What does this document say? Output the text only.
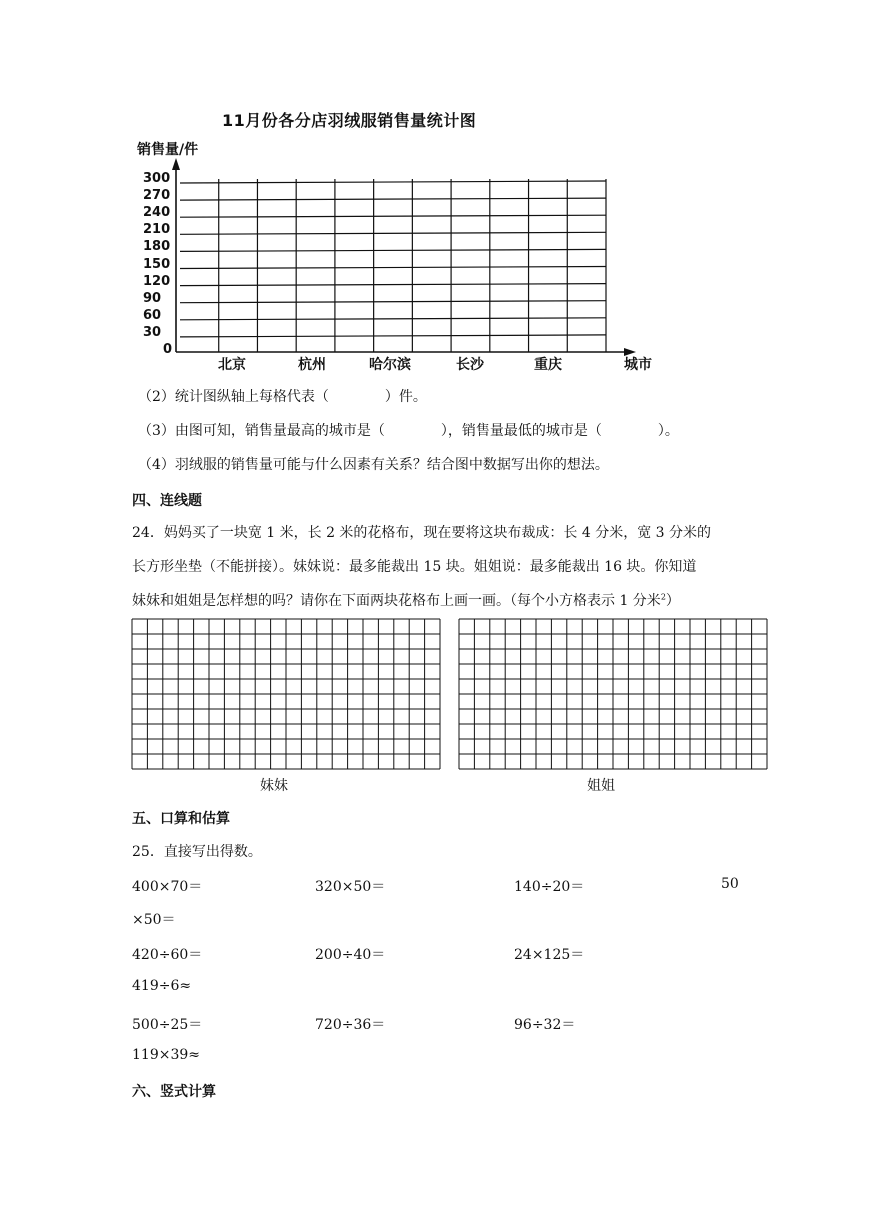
11月份各分店羽绒服销售量统计图
销售量/件
0
30
60
90
120
150
180
210
240
270
300
北京	杭州	哈尔滨	长沙	重庆	城市
（2）统计图纵轴上每格代表（　　　　）件。
（3）由图可知，销售量最高的城市是（　　　　），销售量最低的城市是（　　　　）。
（4）羽绒服的销售量可能与什么因素有关系？结合图中数据写出你的想法。
四、连线题
24．妈妈买了一块宽 1 米，长 2 米的花格布，现在要将这块布裁成：长 4 分米，宽 3 分米的
长方形坐垫（不能拼接）。妹妹说：最多能裁出 15 块。姐姐说：最多能裁出 16 块。你知道
妹妹和姐姐是怎样想的吗？请你在下面两块花格布上画一画。（每个小方格表示 1 分米$^2$）
妹妹	姐姐
五、口算和估算
25．直接写出得数。
400×70＝	320×50＝	140÷20＝	50
×50＝
420÷60＝	200÷40＝	24×125＝
419÷6≈
500÷25＝	720÷36＝	96÷32＝
119×39≈
六、竖式计算
